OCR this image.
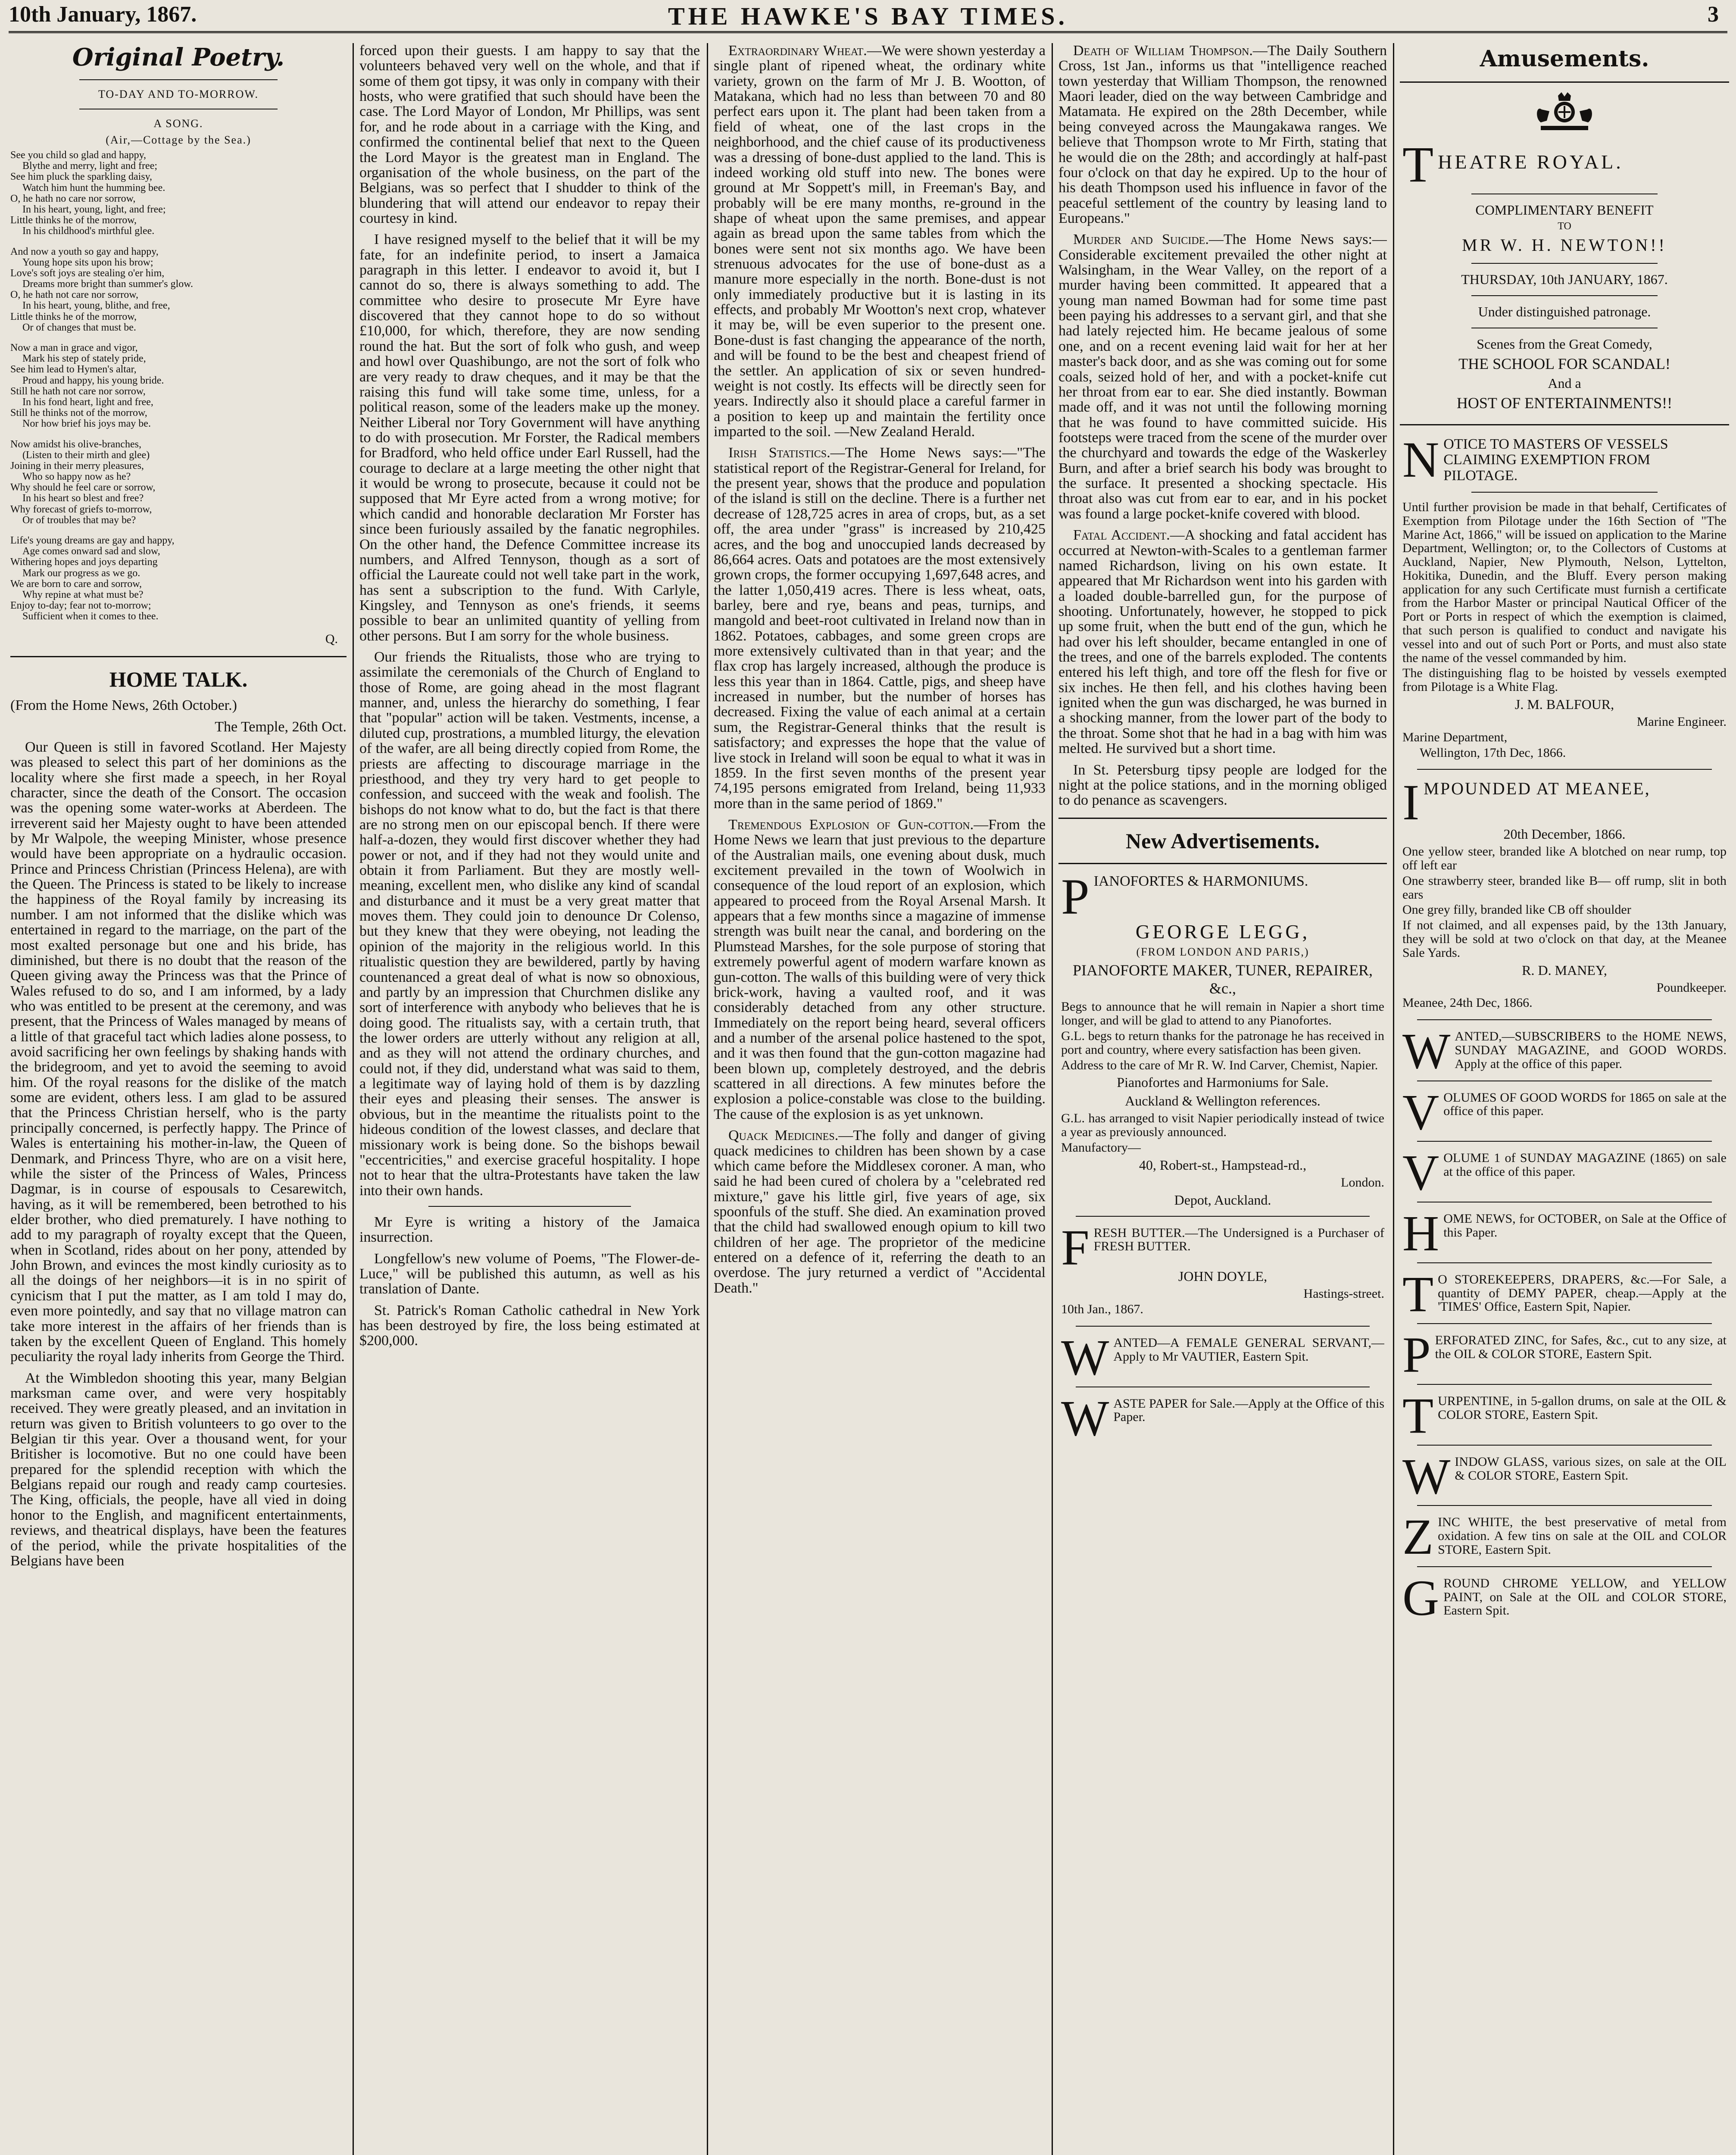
10th January, 1867.	THE HAWKE'S BAY TIMES.	3
Original Poetry.
TO-DAY AND TO-MORROW.
A SONG.
(Air,—Cottage by the Sea.)
See you child so glad and happy,
Blythe and merry, light and free;
See him pluck the sparkling daisy,
Watch him hunt the humming bee.
O, he hath no care nor sorrow,
In his heart, young, light, and free;
Little thinks he of the morrow,
In his childhood's mirthful glee.
And now a youth so gay and happy,
Young hope sits upon his brow;
Love's soft joys are stealing o'er him,
Dreams more bright than summer's glow.
O, he hath not care nor sorrow,
In his heart, young, blithe, and free,
Little thinks he of the morrow,
Or of changes that must be.
Now a man in grace and vigor,
Mark his step of stately pride,
See him lead to Hymen's altar,
Proud and happy, his young bride.
Still he hath not care nor sorrow,
In his fond heart, light and free,
Still he thinks not of the morrow,
Nor how brief his joys may be.
Now amidst his olive-branches,
(Listen to their mirth and glee)
Joining in their merry pleasures,
Who so happy now as he?
Why should he feel care or sorrow,
In his heart so blest and free?
Why forecast of griefs to-morrow,
Or of troubles that may be?
Life's young dreams are gay and happy,
Age comes onward sad and slow,
Withering hopes and joys departing
Mark our progress as we go.
We are born to care and sorrow,
Why repine at what must be?
Enjoy to-day; fear not to-morrow;
Sufficient when it comes to thee.
Q.
HOME TALK.

(From the Home News, 26th October.)

The Temple, 26th Oct.

Our Queen is still in favored Scotland. Her Majesty was pleased to select this part of her dominions as the locality where she first made a speech, in her Royal character, since the death of the Consort. The occasion was the opening some water-works at Aberdeen. The irreverent said her Majesty ought to have been attended by Mr Walpole, the weeping Minister, whose presence would have been appropriate on a hydraulic occasion. Prince and Princess Christian (Princess Helena), are with the Queen. The Princess is stated to be likely to increase the happiness of the Royal family by increasing its number. I am not informed that the dislike which was entertained in regard to the marriage, on the part of the most exalted personage but one and his bride, has diminished, but there is no doubt that the reason of the Queen giving away the Princess was that the Prince of Wales refused to do so, and I am informed, by a lady who was entitled to be present at the ceremony, and was present, that the Princess of Wales managed by means of a little of that graceful tact which ladies alone possess, to avoid sacrificing her own feelings by shaking hands with the bridegroom, and yet to avoid the seeming to avoid him. Of the royal reasons for the dislike of the match some are evident, others less. I am glad to be assured that the Princess Christian herself, who is the party principally concerned, is perfectly happy. The Prince of Wales is entertaining his mother-in-law, the Queen of Denmark, and Princess Thyre, who are on a visit here, while the sister of the Princess of Wales, Princess Dagmar, is in course of espousals to Cesarewitch, having, as it will be remembered, been betrothed to his elder brother, who died prematurely. I have nothing to add to my paragraph of royalty except that the Queen, when in Scotland, rides about on her pony, attended by John Brown, and evinces the most kindly curiosity as to all the doings of her neighbors—it is in no spirit of cynicism that I put the matter, as I am told I may do, even more pointedly, and say that no village matron can take more interest in the affairs of her friends than is taken by the excellent Queen of England. This homely peculiarity the royal lady inherits from George the Third.

At the Wimbledon shooting this year, many Belgian marksman came over, and were very hospitably received. They were greatly pleased, and an invitation in return was given to British volunteers to go over to the Belgian tir this year. Over a thousand went, for your Britisher is locomotive. But no one could have been prepared for the splendid reception with which the Belgians repaid our rough and ready camp courtesies. The King, officials, the people, have all vied in doing honor to the English, and magnificent entertainments, reviews, and theatrical displays, have been the features of the period, while the private hospitalities of the Belgians have been

forced upon their guests. I am happy to say that the volunteers behaved very well on the whole, and that if some of them got tipsy, it was only in company with their hosts, who were gratified that such should have been the case. The Lord Mayor of London, Mr Phillips, was sent for, and he rode about in a carriage with the King, and confirmed the continental belief that next to the Queen the Lord Mayor is the greatest man in England. The organisation of the whole business, on the part of the Belgians, was so perfect that I shudder to think of the blundering that will attend our endeavor to repay their courtesy in kind.

I have resigned myself to the belief that it will be my fate, for an indefinite period, to insert a Jamaica paragraph in this letter. I endeavor to avoid it, but I cannot do so, there is always something to add. The committee who desire to prosecute Mr Eyre have discovered that they cannot hope to do so without £10,000, for which, therefore, they are now sending round the hat. But the sort of folk who gush, and weep and howl over Quashibungo, are not the sort of folk who are very ready to draw cheques, and it may be that the raising this fund will take some time, unless, for a political reason, some of the leaders make up the money. Neither Liberal nor Tory Government will have anything to do with prosecution. Mr Forster, the Radical members for Bradford, who held office under Earl Russell, had the courage to declare at a large meeting the other night that it would be wrong to prosecute, because it could not be supposed that Mr Eyre acted from a wrong motive; for which candid and honorable declaration Mr Forster has since been furiously assailed by the fanatic negrophiles. On the other hand, the Defence Committee increase its numbers, and Alfred Tennyson, though as a sort of official the Laureate could not well take part in the work, has sent a subscription to the fund. With Carlyle, Kingsley, and Tennyson as one's friends, it seems possible to bear an unlimited quantity of yelling from other persons. But I am sorry for the whole business.

Our friends the Ritualists, those who are trying to assimilate the ceremonials of the Church of England to those of Rome, are going ahead in the most flagrant manner, and, unless the hierarchy do something, I fear that "popular" action will be taken. Vestments, incense, a diluted cup, prostrations, a mumbled liturgy, the elevation of the wafer, are all being directly copied from Rome, the priests are affecting to discourage marriage in the priesthood, and they try very hard to get people to confession, and succeed with the weak and foolish. The bishops do not know what to do, but the fact is that there are no strong men on our episcopal bench. If there were half-a-dozen, they would first discover whether they had power or not, and if they had not they would unite and obtain it from Parliament. But they are mostly well-meaning, excellent men, who dislike any kind of scandal and disturbance and it must be a very great matter that moves them. They could join to denounce Dr Colenso, but they knew that they were obeying, not leading the opinion of the majority in the religious world. In this ritualistic question they are bewildered, partly by having countenanced a great deal of what is now so obnoxious, and partly by an impression that Churchmen dislike any sort of interference with anybody who believes that he is doing good. The ritualists say, with a certain truth, that the lower orders are utterly without any religion at all, and as they will not attend the ordinary churches, and could not, if they did, understand what was said to them, a legitimate way of laying hold of them is by dazzling their eyes and pleasing their senses. The answer is obvious, but in the meantime the ritualists point to the hideous condition of the lowest classes, and declare that missionary work is being done. So the bishops bewail "eccentricities," and exercise graceful hospitality. I hope not to hear that the ultra-Protestants have taken the law into their own hands.

Mr Eyre is writing a history of the Jamaica insurrection.

Longfellow's new volume of Poems, "The Flower-de-Luce," will be published this autumn, as well as his translation of Dante.

St. Patrick's Roman Catholic cathedral in New York has been destroyed by fire, the loss being estimated at $200,000.

Extraordinary Wheat.—We were shown yesterday a single plant of ripened wheat, the ordinary white variety, grown on the farm of Mr J. B. Wootton, of Matakana, which had no less than between 70 and 80 perfect ears upon it. The plant had been taken from a field of wheat, one of the last crops in the neighborhood, and the chief cause of its productiveness was a dressing of bone-dust applied to the land. This is indeed working old stuff into new. The bones were ground at Mr Soppett's mill, in Freeman's Bay, and probably will be ere many months, re-ground in the shape of wheat upon the same premises, and appear again as bread upon the same tables from which the bones were sent not six months ago. We have been strenuous advocates for the use of bone-dust as a manure more especially in the north. Bone-dust is not only immediately productive but it is lasting in its effects, and probably Mr Wootton's next crop, whatever it may be, will be even superior to the present one. Bone-dust is fast changing the appearance of the north, and will be found to be the best and cheapest friend of the settler. An application of six or seven hundred-weight is not costly. Its effects will be directly seen for years. Indirectly also it should place a careful farmer in a position to keep up and maintain the fertility once imparted to the soil. —New Zealand Herald.

Irish Statistics.—The Home News says:—"The statistical report of the Registrar-General for Ireland, for the present year, shows that the produce and population of the island is still on the decline. There is a further net decrease of 128,725 acres in area of crops, but, as a set off, the area under "grass" is increased by 210,425 acres, and the bog and unoccupied lands decreased by 86,664 acres. Oats and potatoes are the most extensively grown crops, the former occupying 1,697,648 acres, and the latter 1,050,419 acres. There is less wheat, oats, barley, bere and rye, beans and peas, turnips, and mangold and beet-root cultivated in Ireland now than in 1862. Potatoes, cabbages, and some green crops are more extensively cultivated than in that year; and the flax crop has largely increased, although the produce is less this year than in 1864. Cattle, pigs, and sheep have increased in number, but the number of horses has decreased. Fixing the value of each animal at a certain sum, the Registrar-General thinks that the result is satisfactory; and expresses the hope that the value of live stock in Ireland will soon be equal to what it was in 1859. In the first seven months of the present year 74,195 persons emigrated from Ireland, being 11,933 more than in the same period of 1869."

Tremendous Explosion of Gun-cotton.—From the Home News we learn that just previous to the departure of the Australian mails, one evening about dusk, much excitement prevailed in the town of Woolwich in consequence of the loud report of an explosion, which appeared to proceed from the Royal Arsenal Marsh. It appears that a few months since a magazine of immense strength was built near the canal, and bordering on the Plumstead Marshes, for the sole purpose of storing that extremely powerful agent of modern warfare known as gun-cotton. The walls of this building were of very thick brick-work, having a vaulted roof, and it was considerably detached from any other structure. Immediately on the report being heard, several officers and a number of the arsenal police hastened to the spot, and it was then found that the gun-cotton magazine had been blown up, completely destroyed, and the debris scattered in all directions. A few minutes before the explosion a police-constable was close to the building. The cause of the explosion is as yet unknown.

Quack Medicines.—The folly and danger of giving quack medicines to children has been shown by a case which came before the Middlesex coroner. A man, who said he had been cured of cholera by a "celebrated red mixture," gave his little girl, five years of age, six spoonfuls of the stuff. She died. An examination proved that the child had swallowed enough opium to kill two children of her age. The proprietor of the medicine entered on a defence of it, referring the death to an overdose. The jury returned a verdict of "Accidental Death."

Death of William Thompson.—The Daily Southern Cross, 1st Jan., informs us that "intelligence reached town yesterday that William Thompson, the renowned Maori leader, died on the way between Cambridge and Matamata. He expired on the 28th December, while being conveyed across the Maungakawa ranges. We believe that Thompson wrote to Mr Firth, stating that he would die on the 28th; and accordingly at half-past four o'clock on that day he expired. Up to the hour of his death Thompson used his influence in favor of the peaceful settlement of the country by leasing land to Europeans."

Murder and Suicide.—The Home News says:—Considerable excitement prevailed the other night at Walsingham, in the Wear Valley, on the report of a murder having been committed. It appeared that a young man named Bowman had for some time past been paying his addresses to a servant girl, and that she had lately rejected him. He became jealous of some one, and on a recent evening laid wait for her at her master's back door, and as she was coming out for some coals, seized hold of her, and with a pocket-knife cut her throat from ear to ear. She died instantly. Bowman made off, and it was not until the following morning that he was found to have committed suicide. His footsteps were traced from the scene of the murder over the churchyard and towards the edge of the Waskerley Burn, and after a brief search his body was brought to the surface. It presented a shocking spectacle. His throat also was cut from ear to ear, and in his pocket was found a large pocket-knife covered with blood.

Fatal Accident.—A shocking and fatal accident has occurred at Newton-with-Scales to a gentleman farmer named Richardson, living on his own estate. It appeared that Mr Richardson went into his garden with a loaded double-barrelled gun, for the purpose of shooting. Unfortunately, however, he stopped to pick up some fruit, when the butt end of the gun, which he had over his left shoulder, became entangled in one of the trees, and one of the barrels exploded. The contents entered his left thigh, and tore off the flesh for five or six inches. He then fell, and his clothes having been ignited when the gun was discharged, he was burned in a shocking manner, from the lower part of the body to the throat. Some shot that he had in a bag with him was melted. He survived but a short time.

In St. Petersburg tipsy people are lodged for the night at the police stations, and in the morning obliged to do penance as scavengers.

New Advertisements.
P IANOFORTES & HARMONIUMS.
GEORGE LEGG,
(FROM LONDON AND PARIS,)
PIANOFORTE MAKER, TUNER, REPAIRER, &c.,
Begs to announce that he will remain in Napier a short time longer, and will be glad to attend to any Pianofortes.
G.L. begs to return thanks for the patronage he has received in port and country, where every satisfaction has been given.
Address to the care of Mr R. W. Ind Carver, Chemist, Napier.
Pianofortes and Harmoniums for Sale.
Auckland & Wellington references.
G.L. has arranged to visit Napier periodically instead of twice a year as previously announced.
Manufactory—
40, Robert-st., Hampstead-rd.,
London.
Depot, Auckland.
F RESH BUTTER.—The Undersigned is a Purchaser of FRESH BUTTER.
JOHN DOYLE,
Hastings-street.
10th Jan., 1867.
W ANTED—A FEMALE GENERAL SERVANT,—Apply to Mr VAUTIER, Eastern Spit.
W ASTE PAPER for Sale.—Apply at the Office of this Paper.
Amusements.
T HEATRE ROYAL.
COMPLIMENTARY BENEFIT
TO
MR W. H. NEWTON!!
THURSDAY, 10th JANUARY, 1867.
Under distinguished patronage.
Scenes from the Great Comedy,
THE SCHOOL FOR SCANDAL!
And a
HOST OF ENTERTAINMENTS!!
N OTICE TO MASTERS OF VESSELS CLAIMING EXEMPTION FROM PILOTAGE.
Until further provision be made in that behalf, Certificates of Exemption from Pilotage under the 16th Section of "The Marine Act, 1866," will be issued on application to the Marine Department, Wellington; or, to the Collectors of Customs at Auckland, Napier, New Plymouth, Nelson, Lyttelton, Hokitika, Dunedin, and the Bluff. Every person making application for any such Certificate must furnish a certificate from the Harbor Master or principal Nautical Officer of the Port or Ports in respect of which the exemption is claimed, that such person is qualified to conduct and navigate his vessel into and out of such Port or Ports, and must also state the name of the vessel commanded by him.
The distinguishing flag to be hoisted by vessels exempted from Pilotage is a White Flag.
J. M. BALFOUR,
Marine Engineer.
Marine Department,
Wellington, 17th Dec, 1866.
I MPOUNDED AT MEANEE,
20th December, 1866.
One yellow steer, branded like A blotched on near rump, top off left ear
One strawberry steer, branded like B— off rump, slit in both ears
One grey filly, branded like CB off shoulder
If not claimed, and all expenses paid, by the 13th January, they will be sold at two o'clock on that day, at the Meanee Sale Yards.
R. D. MANEY,
Poundkeeper.
Meanee, 24th Dec, 1866.
W ANTED,—SUBSCRIBERS to the HOME NEWS, SUNDAY MAGAZINE, and GOOD WORDS. Apply at the office of this paper.
V OLUMES OF GOOD WORDS for 1865 on sale at the office of this paper.
V OLUME 1 of SUNDAY MAGAZINE (1865) on sale at the office of this paper.
H OME NEWS, for OCTOBER, on Sale at the Office of this Paper.
T O STOREKEEPERS, DRAPERS, &c.—For Sale, a quantity of DEMY PAPER, cheap.—Apply at the 'TIMES' Office, Eastern Spit, Napier.
P ERFORATED ZINC, for Safes, &c., cut to any size, at the OIL & COLOR STORE, Eastern Spit.
T URPENTINE, in 5-gallon drums, on sale at the OIL & COLOR STORE, Eastern Spit.
W INDOW GLASS, various sizes, on sale at the OIL & COLOR STORE, Eastern Spit.
Z INC WHITE, the best preservative of metal from oxidation. A few tins on sale at the OIL and COLOR STORE, Eastern Spit.
G ROUND CHROME YELLOW, and YELLOW PAINT, on Sale at the OIL and COLOR STORE, Eastern Spit.
